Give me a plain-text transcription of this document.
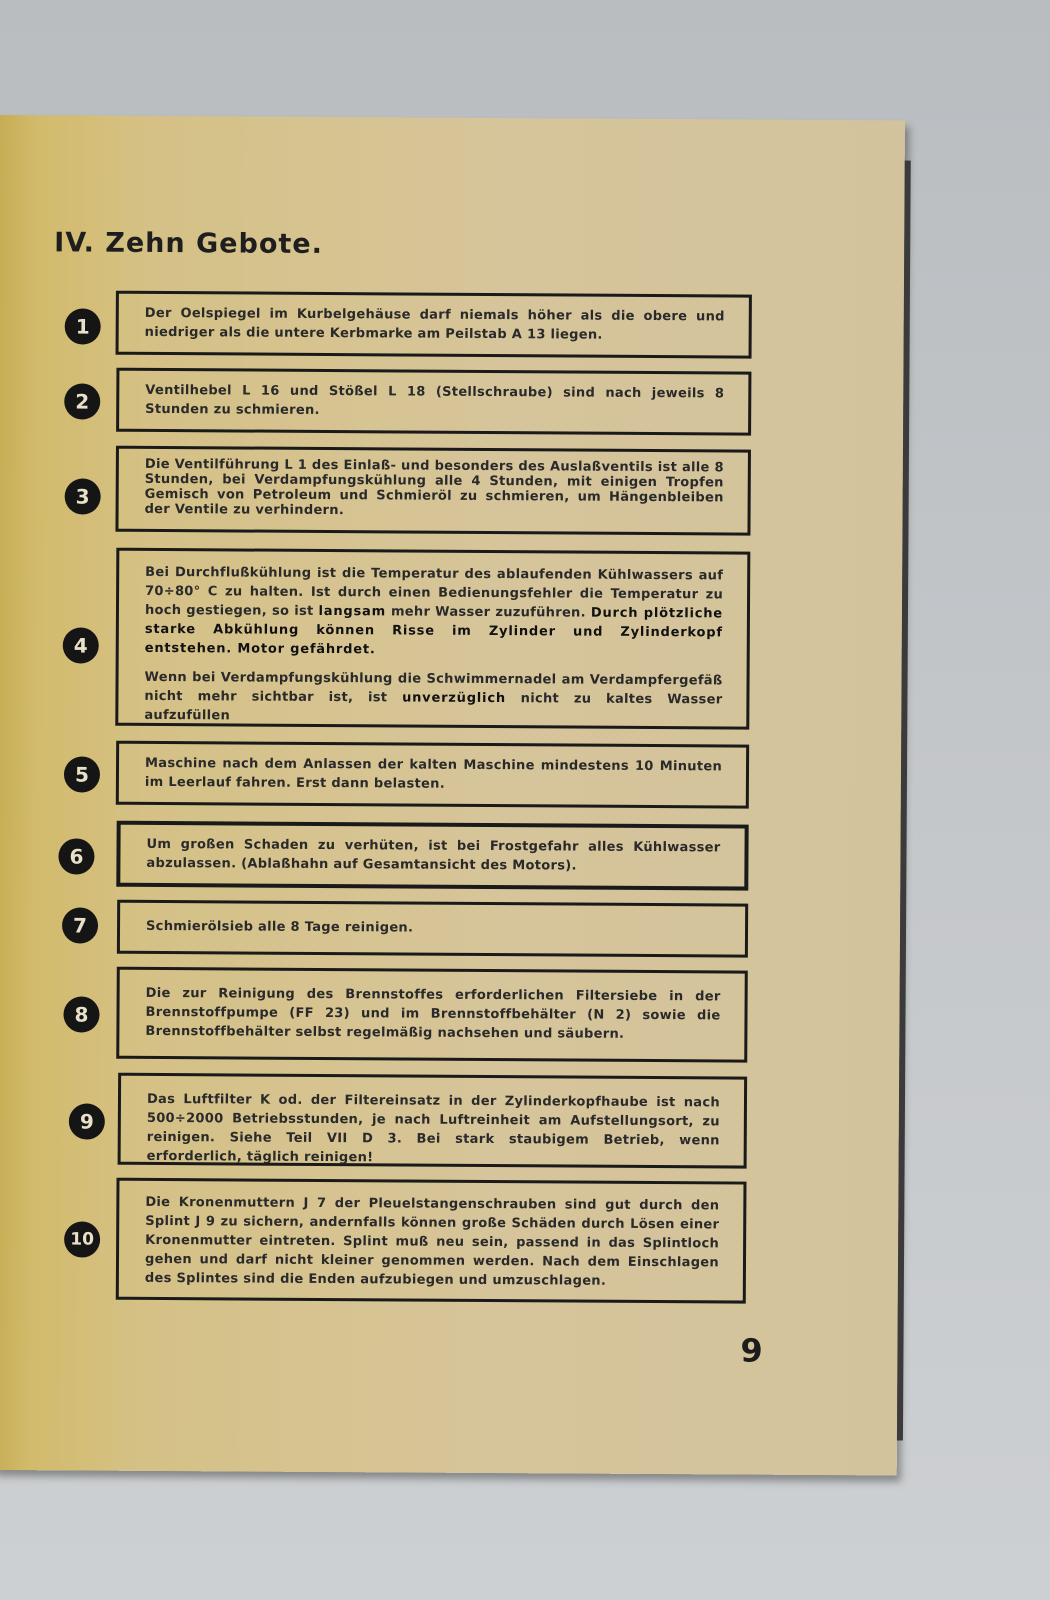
IV. Zehn Gebote.
1	Der Oelspiegel im Kurbelgehäuse darf niemals höher als die obere und niedriger als die untere Kerbmarke am Peilstab A 13 liegen.

2	Ventilhebel L 16 und Stößel L 18 (Stellschraube) sind nach jeweils 8 Stunden zu schmieren.

3

Die Ventilführung L 1 des Einlaß- und besonders des Auslaßventils ist alle 8 Stunden, bei Verdampfungskühlung alle 4 Stunden, mit einigen Tropfen Gemisch von Petroleum und Schmieröl zu schmieren, um Hängenbleiben der Ventile zu verhindern.

4

Bei Durchflußkühlung ist die Temperatur des ablaufenden Kühlwassers auf 70÷80° C zu halten. Ist durch einen Bedienungsfehler die Temperatur zu hoch gestiegen, so ist langsam mehr Wasser zuzuführen. Durch plötzliche starke Abkühlung können Risse im Zylinder und Zylinderkopf entstehen. Motor gefährdet.

Wenn bei Verdampfungskühlung die Schwimmernadel am Verdampfergefäß nicht mehr sichtbar ist, ist unverzüglich nicht zu kaltes Wasser aufzufüllen

5	Maschine nach dem Anlassen der kalten Maschine mindestens 10 Minuten im Leerlauf fahren. Erst dann belasten.

6	Um großen Schaden zu verhüten, ist bei Frostgefahr alles Kühlwasser abzulassen. (Ablaßhahn auf Gesamtansicht des Motors).

7	Schmierölsieb alle 8 Tage reinigen.

8

Die zur Reinigung des Brennstoffes erforderlichen Filtersiebe in der Brennstoffpumpe (FF 23) und im Brennstoffbehälter (N 2) sowie die Brennstoffbehälter selbst regelmäßig nachsehen und säubern.

9

Das Luftfilter K od. der Filtereinsatz in der Zylinderkopfhaube ist nach 500÷2000 Betriebsstunden, je nach Luftreinheit am Aufstellungsort, zu reinigen. Siehe Teil VII D 3. Bei stark staubigem Betrieb, wenn erforderlich, täglich reinigen!

10

Die Kronenmuttern J 7 der Pleuelstangenschrauben sind gut durch den Splint J 9 zu sichern, andernfalls können große Schäden durch Lösen einer Kronenmutter eintreten. Splint muß neu sein, passend in das Splintloch gehen und darf nicht kleiner genommen werden. Nach dem Einschlagen des Splintes sind die Enden aufzubiegen und umzuschlagen.

9
